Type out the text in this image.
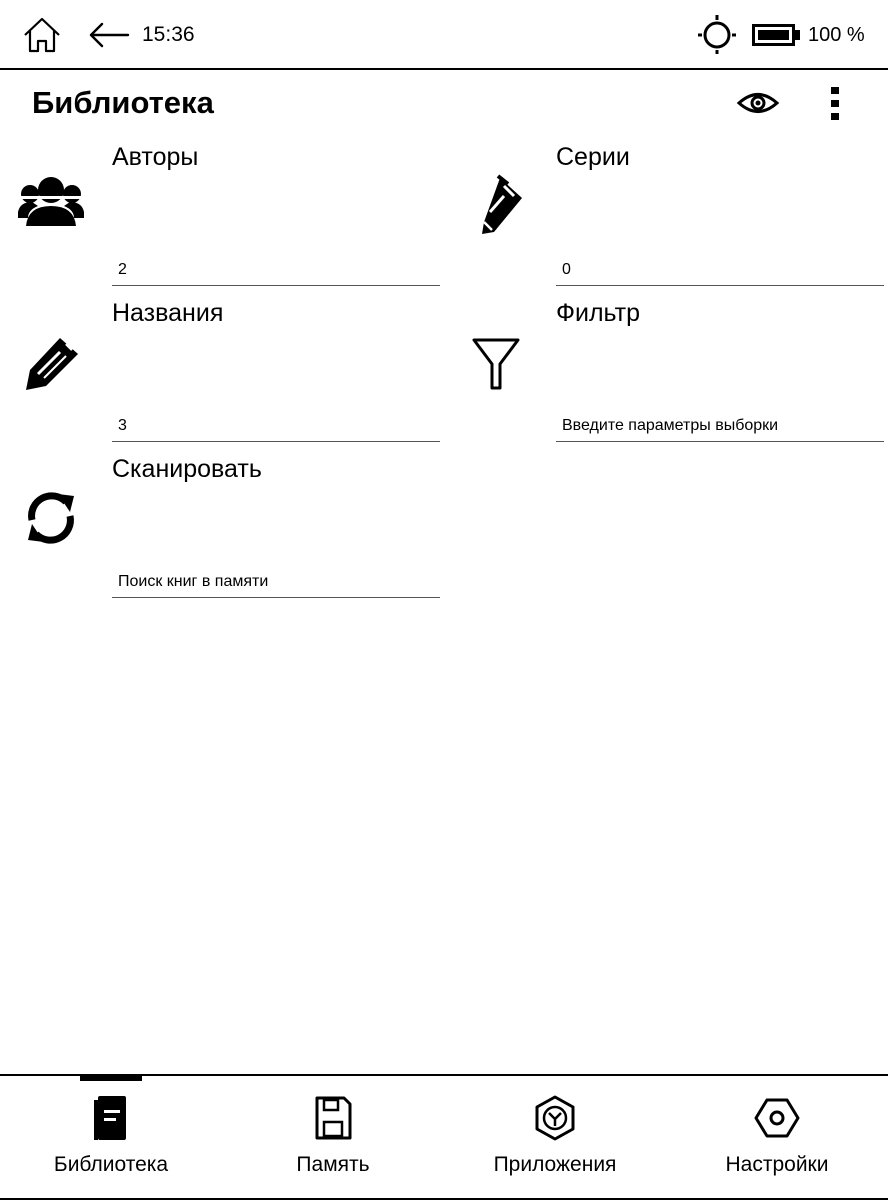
15:36	100 %
Библиотека
Авторы
2
Серии
0
Названия
3
Фильтр
Введите параметры выборки
Сканировать
Поиск книг в памяти
Библиотека	Память	Приложения	Настройки
